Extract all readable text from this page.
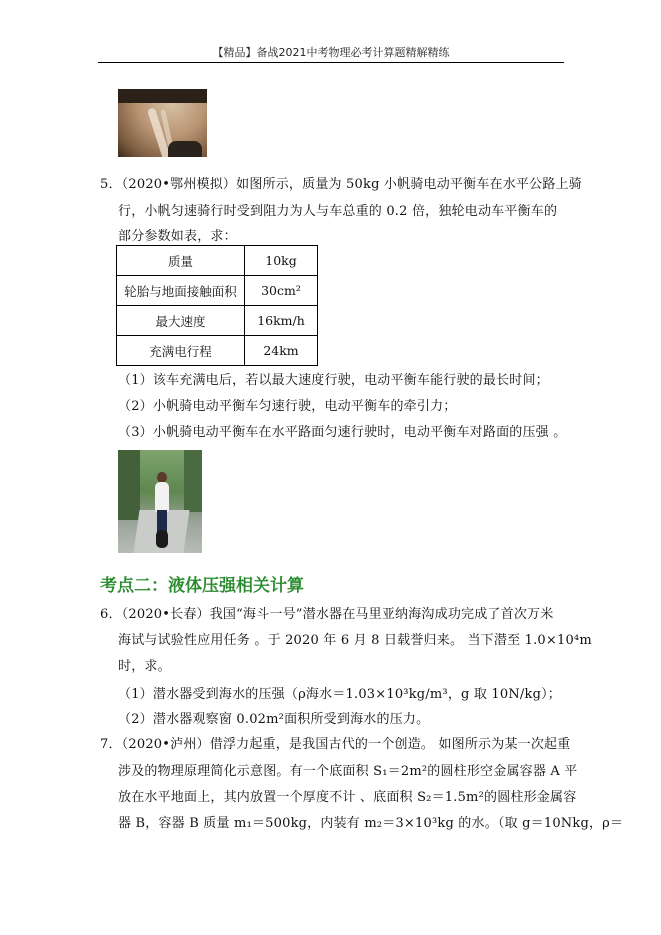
【精品】备战2021中考物理必考计算题精解精练
5．（2020•鄂州模拟）如图所示，质量为 50kg 小帆骑电动平衡车在水平公路上骑
行，小帆匀速骑行时受到阻力为人与车总重的 0.2 倍，独轮电动车平衡车的
部分参数如表，求：
质量	10kg
轮胎与地面接触面积	30cm²
最大速度	16km/h
充满电行程	24km
（1）该车充满电后，若以最大速度行驶，电动平衡车能行驶的最长时间；
（2）小帆骑电动平衡车匀速行驶，电动平衡车的牵引力；
（3）小帆骑电动平衡车在水平路面匀速行驶时，电动平衡车对路面的压强 。
考点二：液体压强相关计算
6．（2020•长春）我国“海斗一号”潜水器在马里亚纳海沟成功完成了首次万米
海试与试验性应用任务 。于 2020 年 6 月 8 日载誉归来。 当下潜至 1.0×10⁴m
时，求。
（1）潜水器受到海水的压强（ρ海水＝1.03×10³kg/m³，g 取 10N/kg）；
（2）潜水器观察窗 0.02m²面积所受到海水的压力。
7．（2020•泸州）借浮力起重，是我国古代的一个创造。 如图所示为某一次起重
涉及的物理原理简化示意图。有一个底面积 S₁＝2m²的圆柱形空金属容器 A 平
放在水平地面上，其内放置一个厚度不计 、底面积 S₂＝1.5m²的圆柱形金属容
器 B，容器 B 质量 m₁＝500kg，内装有 m₂＝3×10³kg 的水。（取 g＝10Nkg，ρ＝
